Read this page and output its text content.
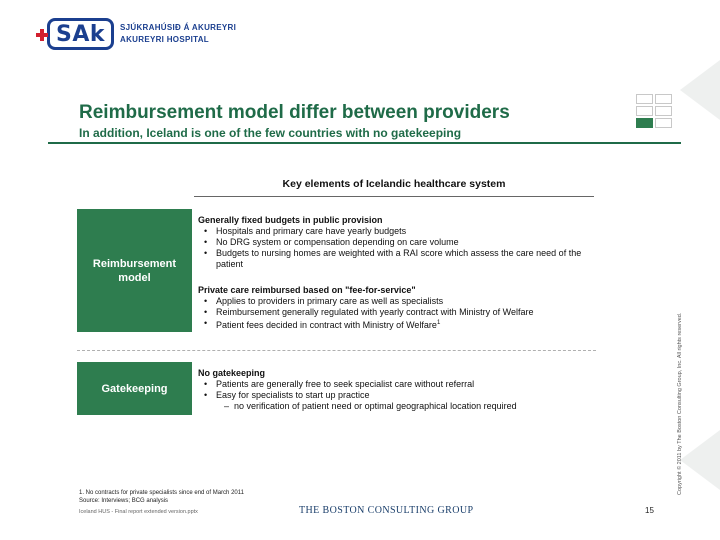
SAk SJÚKRAHÚSIÐ Á AKUREYRI
AKUREYRI HOSPITAL
Reimbursement model differ between providers
In addition, Iceland is one of the few countries with no gatekeeping
Key elements of Icelandic healthcare system
Reimbursement model
Gatekeeping
Generally fixed budgets in public provision
• Hospitals and primary care have yearly budgets
• No DRG system or compensation depending on care volume
• Budgets to nursing homes are weighted with a RAI score which assess the care need of the patient
Private care reimbursed based on "fee-for-service"
• Applies to providers in primary care as well as specialists
• Reimbursement generally regulated with yearly contract with Ministry of Welfare
• Patient fees decided in contract with Ministry of Welfare$^1$
No gatekeeping
• Patients are generally free to seek specialist care without referral
• Easy for specialists to start up practice
– no verification of patient need or optimal geographical location required	Copyright © 2011 by The Boston Consulting Group, Inc. All rights reserved.
1. No contracts for private specialists since end of March 2011
Source: Interviews; BCG analysis
Iceland HUS - Final report extended version.pptx	THE BOSTON CONSULTING GROUP	15
